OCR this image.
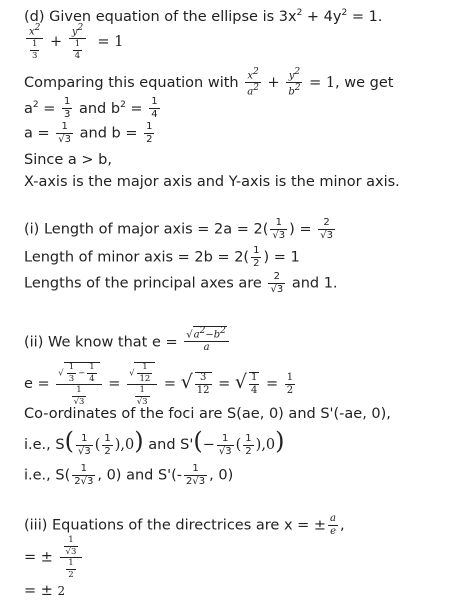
(d) Given equation of the ellipse is $3x^2 + 4y^2 = 1$.
$\frac{x^2}{\frac{1}{3}} + \frac{y^2}{\frac{1}{4}} = 1$
Comparing this equation with $\frac{x^2}{a^2} + \frac{y^2}{b^2} = 1$, we get
$a^2 = \frac{1}{3}$ and $b^2 = \frac{1}{4}$
$a = \frac{1}{√3}$ and $b = \frac{1}{2}$
Since a > b,
X-axis is the major axis and Y-axis is the minor axis.
(i) Length of major axis = $2a = 2( \frac{1}{√3}$ ) = $\frac{2}{√3}$
Length of minor axis = $2b = 2( \frac{1}{2}$ ) = 1
Lengths of the principal axes are $\frac{2}{√3}$ and 1.
(ii) We know that $e = \frac{√a^2-b^2}{a}$
$e = \frac{√ \frac{1}{3} - \frac{1}{4}}{\frac{1}{√3}} = \frac{√ \frac{1}{12}}{\frac{1}{√3}}$ = √ $\frac{3}{12}$ = √ $\frac{1}{4} = \frac{1}{2}$
Co-ordinates of the foci are S(ae, 0) and S'(-ae, 0),
i.e., $S( \frac{1}{√3}$ ( $\frac{1}{2} ),0$) and $S'(- \frac{1}{√3}$ ( $\frac{1}{2} ),0$)
i.e., $S( \frac{1}{2√3}$ , 0) and $S'(- \frac{1}{2√3}$ , 0)
(iii) Equations of the directrices are x = ± $\frac{a}{e}$ ,
= ± $\frac{\frac{1}{√3}}{\frac{1}{2}}$
= ± 2
